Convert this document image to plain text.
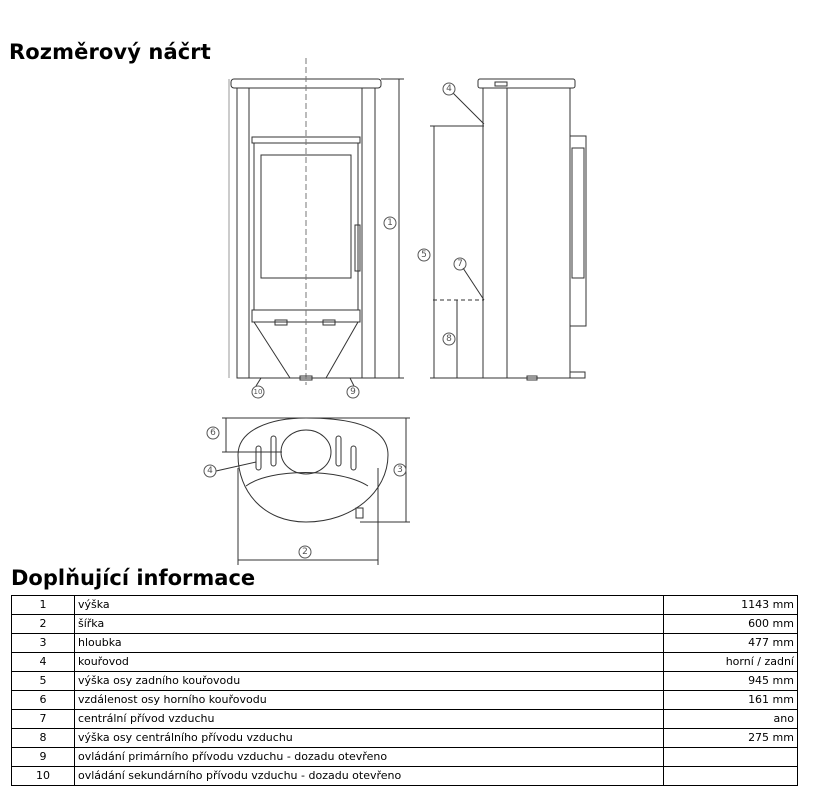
Rozměrový náčrt
1
2
3
4
4
5
6
7
8
9
10
Doplňující informace
1	výška	1143 mm
2	šířka	600 mm
3	hloubka	477 mm
4	kouřovod	horní / zadní
5	výška osy zadního kouřovodu	945 mm
6	vzdálenost osy horního kouřovodu	161 mm
7	centrální přívod vzduchu	ano
8	výška osy centrálního přívodu vzduchu	275 mm
9	ovládání primárního přívodu vzduchu - dozadu otevřeno	
10	ovládání sekundárního přívodu vzduchu - dozadu otevřeno	
